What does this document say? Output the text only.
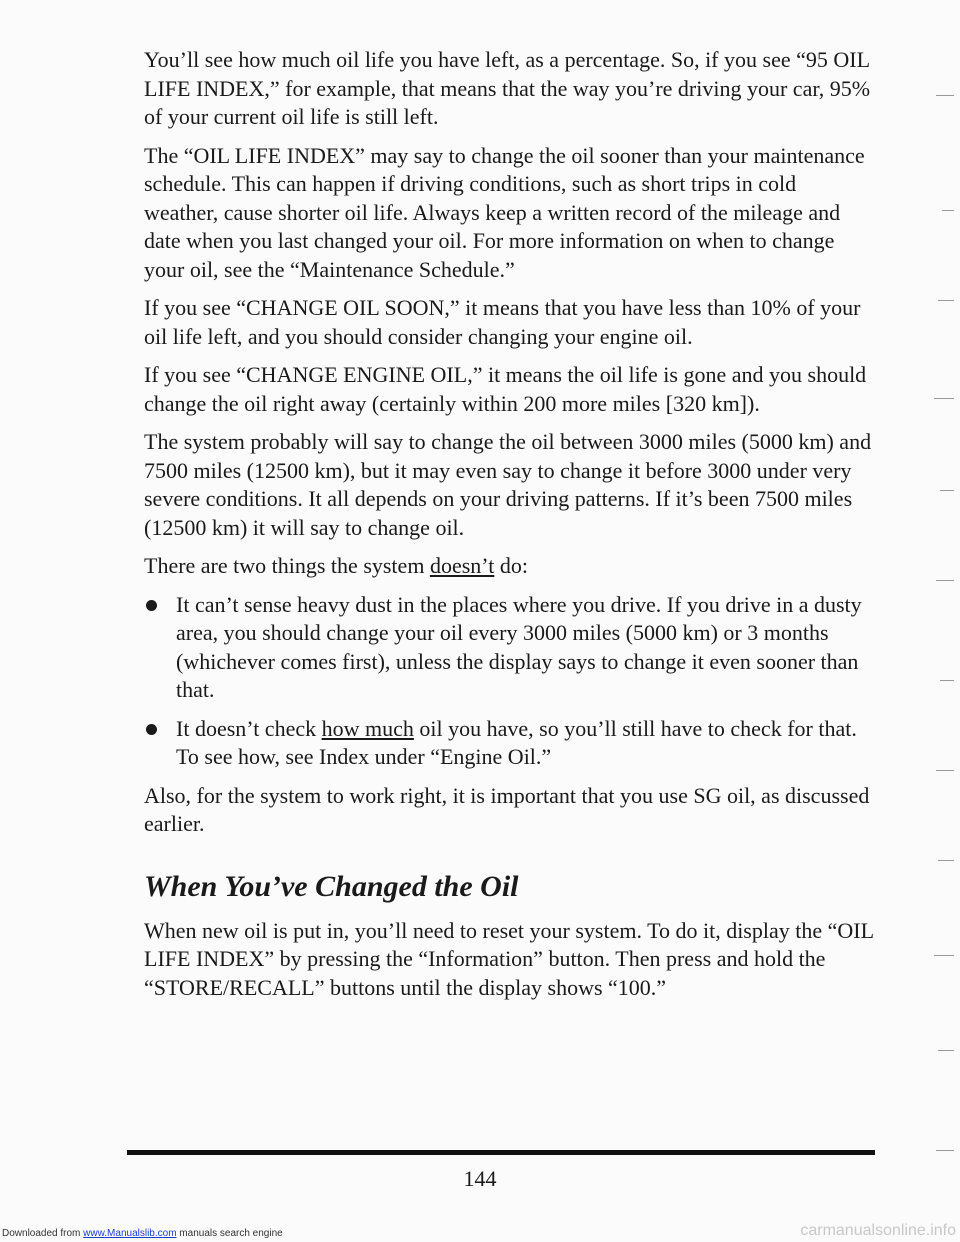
You’ll see how much oil life you have left, as a percentage. So, if you see “95 OIL LIFE INDEX,” for example, that means that the way you’re driving your car, 95% of your current oil life is still left.

The “OIL LIFE INDEX” may say to change the oil sooner than your maintenance schedule. This can happen if driving conditions, such as short trips in cold weather, cause shorter oil life. Always keep a written record of the mileage and date when you last changed your oil. For more information on when to change your oil, see the “Maintenance Schedule.”

If you see “CHANGE OIL SOON,” it means that you have less than 10% of your oil life left, and you should consider changing your engine oil.

If you see “CHANGE ENGINE OIL,” it means the oil life is gone and you should change the oil right away (certainly within 200 more miles [320 km]).

The system probably will say to change the oil between 3000 miles (5000 km) and 7500 miles (12500 km), but it may even say to change it before 3000 under very severe conditions. It all depends on your driving patterns. If it’s been 7500 miles (12500 km) it will say to change oil.

There are two things the system doesn’t do:

It can’t sense heavy dust in the places where you drive. If you drive in a dusty area, you should change your oil every 3000 miles (5000 km) or 3 months (whichever comes first), unless the display says to change it even sooner than that.
It doesn’t check how much oil you have, so you’ll still have to check for that. To see how, see Index under “Engine Oil.”

Also, for the system to work right, it is important that you use SG oil, as discussed earlier.

When You’ve Changed the Oil

When new oil is put in, you’ll need to reset your system. To do it, display the “OIL LIFE INDEX” by pressing the “Information” button. Then press and hold the “STORE/RECALL” buttons until the display shows “100.”

144
Downloaded from www.Manualslib.com manuals search engine	carmanualsonline.info
